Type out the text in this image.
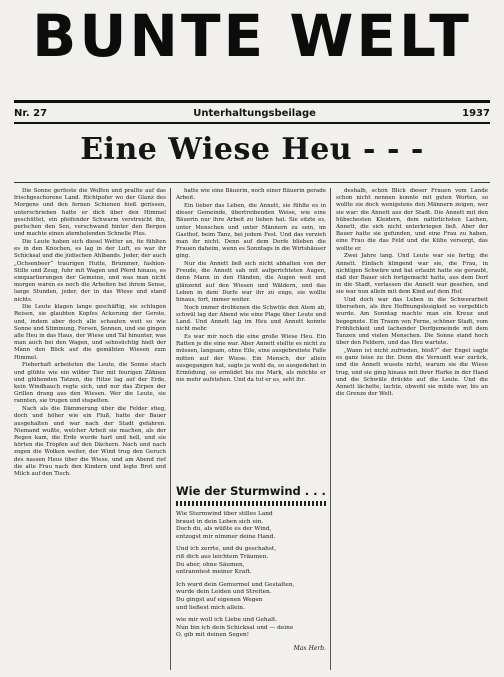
BUNTE WELT
Nr. 27	Unterhaltungsbeilage	1937
Eine Wiese Heu - - -

Die Sonne gerfeste die Wolfen und prallte auf das frischgeschorene Land. Richtpofer wo der Glanz des Morgens und den fernen Schienen hieß gerissen, unterschrieben hatte er dich über den Himmel geschüttet, ein pfeifender Schwarm verstreicht ihn, perlschen den Sen, verschwand hinter den Bergen und machte einen atemholenden Schnelle Plus.

Die Leute haben sich diesel Wetter an, fie fühlten es in den Knochen, es lag in der Luft, es war ihr Schicksal und die jüdischen Ahlbands. Jeder, der auch „Ochsenbeer“ traurigen Hutte, Brummer, fashion-Stille und Zeug, fuhr mit Wagen und Pferd hinaus, es einquartierungen der Gemeine, und was man nicht morgen waren es noch die Arbeiten bei ihrem Sense, lange Stunden, jeder, der in das Wiese und stand nichts.

Die Leute klagen lange geschäftig, sie schlugen Reisen, sie glaubten Kopfes Ackerung der Gerste, und, indem aber doch alle schauten weit so wie Sonne und Stimmung, Fersen, Sonnen, und sie gingen alle Heu in das Haus, der Wiese und Tal hinunter, was man auch bei den Wagen, und sehnsüchtig hielt der Mann den Blick auf die gemähten Wiesen zum Himmel.

Fieberhaft arbeiteten die Leute, die Sonne stach und glühte wie ein wilder Tier mit feurigen Zähnen und glühenden Tatzen, die Hitze lag auf der Erde, kein Windhauch regte sich, und nur das Zirpen der Grillen drang aus den Wiesen. Wer die Leute, sie rannten, sie trugen und stapelten.

Nach als die Dämmerung über die Felder stieg, doch und höher wie ein Fluß, hatte der Bauer ausgehalten und war nach der Stadt gefahren. Niemand wußte, welcher Arbeit sie machen, als der Regen kam, die Erde wurde hart und hell, und sie hörten die Tropfen auf den Dächern. Nach und nach zogen die Wolken weiter, der Wind trug den Geruch des nassen Heus über die Wiese, und am Abend rief die alte Frau nach den Kindern und legte Brot und Milch auf den Tisch.

hatte wie eine Bäuerin, noch einer Bäuerin gerade Arbeit.

Ein lieber das Leben, die Annett, sie fühlte es in dieser Gemeinde, übertreibenden Weise, wie eine Bäuerin nur ihre Arbeit zu lieben hat. Sie sitzte es, unter Menschen und unter Männern zu sein, im Gasthof, beim Tanz, bei jedem Fest. Und das verzieh man ihr nicht. Denn auf dem Dorfe blieben die Frauen daheim, wenn es Sonntags in die Wirtshäuser ging.

Nur die Annett ließ sich nicht abhalten von der Freude, die Annett sah mit aufgerichteten Augen, denn Mann in den Händen, die Augen weit und glänzend auf den Wiesen und Wäldern, und das Leben in dem Dorfe war ihr zu enge, sie wollte hinaus, fort, immer weiter.

Noch immer drohtenen die Schwüle den Atem ab, schwül lag der Abend wie eine Plage über Leute und Land. Und Annett lag im Heu und Annett konnte nicht mehr.

Es war mir noch die eine große Wiese Heu. Ein Ratten je die eine war. Aber Annett stellte es nicht zu müssen, langsam, ohne Eile, eine ausgebreitete Falle mitten auf der Wiese. Ein Mensch, der allein ausgegangen hat, sagte ja wohl da, so ausgedehnt in Ermüdung, so ermüdet bis ins Mark, als möchte er nie mehr aufstehen. Und da tut er es, seht ihr.

Wie der Sturmwind . . .
Wie Sturmwind über stilles Land
braust in dein Leben sich ein.
Doch du, als wüßte es der Wind,
entzogst mir nimmer deine Hand.
Und ich zerrte, und du geschahst,
riß dich aus leichtem Träumen.
Du aber, ohne Säumen,
entranntest meiner Kraft.
Ich wurd dein Gemurmel und Gestalten,
wurde dein Leiden und Streiten.
Du gingst auf eigenen Wegen
und ließest mich allein.
wie mir woll ich Liebe und Gehalt.
Nun bin ich dein Schicksal und — deine
O, gib mit deinen Segen!
Max Herb.

deshalb, schon Blick dieser Frauen vom Lande schon nicht nennen konnte mit guten Worten, so wollte sie doch wenigstens den Männern zeigen, wer sie war: die Annett aus der Stadt. Die Annett mit den hübschesten Kleidern, dem natürlichsten Lachen, Annett, die sich nicht unterkriegen ließ. Aber der Bauer hatte sie gefunden, und eine Frau zu haben, eine Frau die das Feld und die Kühe versorgt, das wollte er.

Zwei Jahre lang. Und Leute war sie fertig, die Annett. Einfach klingend war sie, die Frau, in nichtigen Schwüre und hat erlaubt hatte sie geraubt, daß der Bauer sich fortgemacht hatte, aus dem Dorf in die Stadt, verlassen die Annett war gesehen, und sie war nun allein mit dem Kind auf dem Hof.

Und doch war das Leben in die Schwerarbeit übersehen, als ihre Hoffnungslosigkeit so vergeblich wurde. Am Sonntag machte man ein Kreuz und begegnete. Ein Traum von Ferne, schöner Stadt, vom Fröhlichkeit und lachender Dorfgemeinde mit dem Tanzen und vielen Menschen. Die Sonne stand hoch über den Feldern, und das Heu wartete.

„Wann ist nicht zufrieden, bloß?“ der Engel sagte es ganz leise zu ihr. Denn die Vernunft war zurück, und die Annett wusste nicht, warum sie die Wiese trug, und sie ging hinaus mit ihrer Harke in der Hand und die Schwüle drückte auf die Leute. Und die Annett lächelte, lachte, obwohl sie müde war, bis an die Grenze der Welt.
